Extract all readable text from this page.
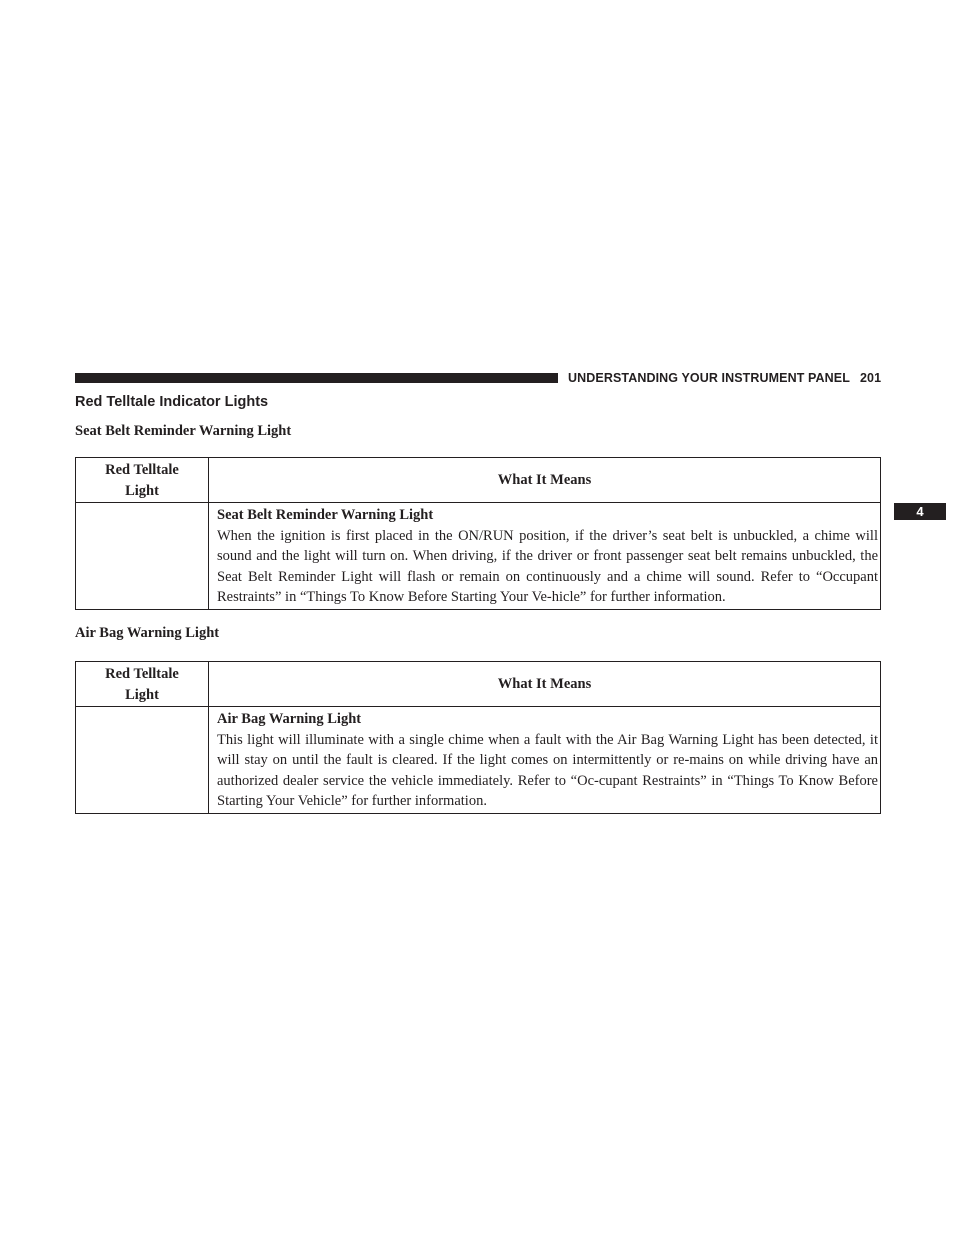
UNDERSTANDING YOUR INSTRUMENT PANEL 201
4
Red Telltale Indicator Lights
Seat Belt Reminder Warning Light
Red Telltale Light	What It Means

	Seat Belt Reminder Warning Light
When the ignition is first placed in the ON/RUN position, if the driver’s seat belt is unbuckled, a chime will sound and the light will turn on. When driving, if the driver or front passenger seat belt remains unbuckled, the Seat Belt Reminder Light will flash or remain on continuously and a chime will sound. Refer to “Occupant Restraints” in “Things To Know Before Starting Your Ve-hicle” for further information.
Air Bag Warning Light
Red Telltale Light	What It Means

	Air Bag Warning Light
This light will illuminate with a single chime when a fault with the Air Bag Warning Light has been detected, it will stay on until the fault is cleared. If the light comes on intermittently or re-mains on while driving have an authorized dealer service the vehicle immediately. Refer to “Oc-cupant Restraints” in “Things To Know Before Starting Your Vehicle” for further information.
